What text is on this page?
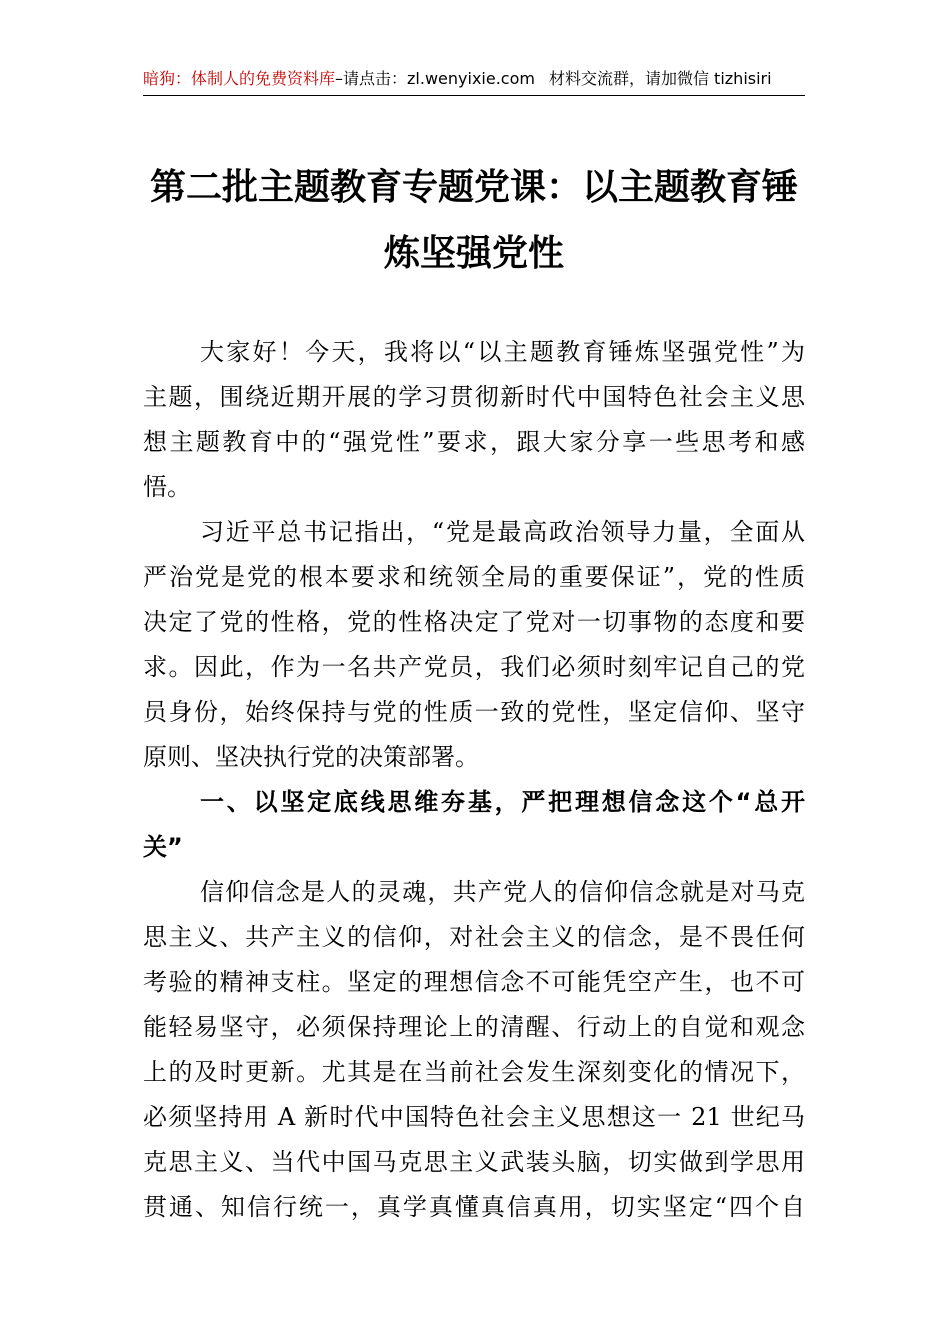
暗狗：体制人的免费资料库–请点击：zl.wenyixie.com 材料交流群，请加微信 tizhisiri
第二批主题教育专题党课：以主题教育锤
炼坚强党性
大家好！今天，我将以“以主题教育锤炼坚强党性”为
主题，围绕近期开展的学习贯彻新时代中国特色社会主义思
想主题教育中的“强党性”要求，跟大家分享一些思考和感
悟。
习近平总书记指出，“党是最高政治领导力量，全面从
严治党是党的根本要求和统领全局的重要保证”，党的性质
决定了党的性格，党的性格决定了党对一切事物的态度和要
求。因此，作为一名共产党员，我们必须时刻牢记自己的党
员身份，始终保持与党的性质一致的党性，坚定信仰、坚守
原则、坚决执行党的决策部署。
一、以坚定底线思维夯基，严把理想信念这个“总开
关”
信仰信念是人的灵魂，共产党人的信仰信念就是对马克
思主义、共产主义的信仰，对社会主义的信念，是不畏任何
考验的精神支柱。坚定的理想信念不可能凭空产生，也不可
能轻易坚守，必须保持理论上的清醒、行动上的自觉和观念
上的及时更新。尤其是在当前社会发生深刻变化的情况下，
必须坚持用 A 新时代中国特色社会主义思想这一 21 世纪马
克思主义、当代中国马克思主义武装头脑，切实做到学思用
贯通、知信行统一，真学真懂真信真用，切实坚定“四个自
